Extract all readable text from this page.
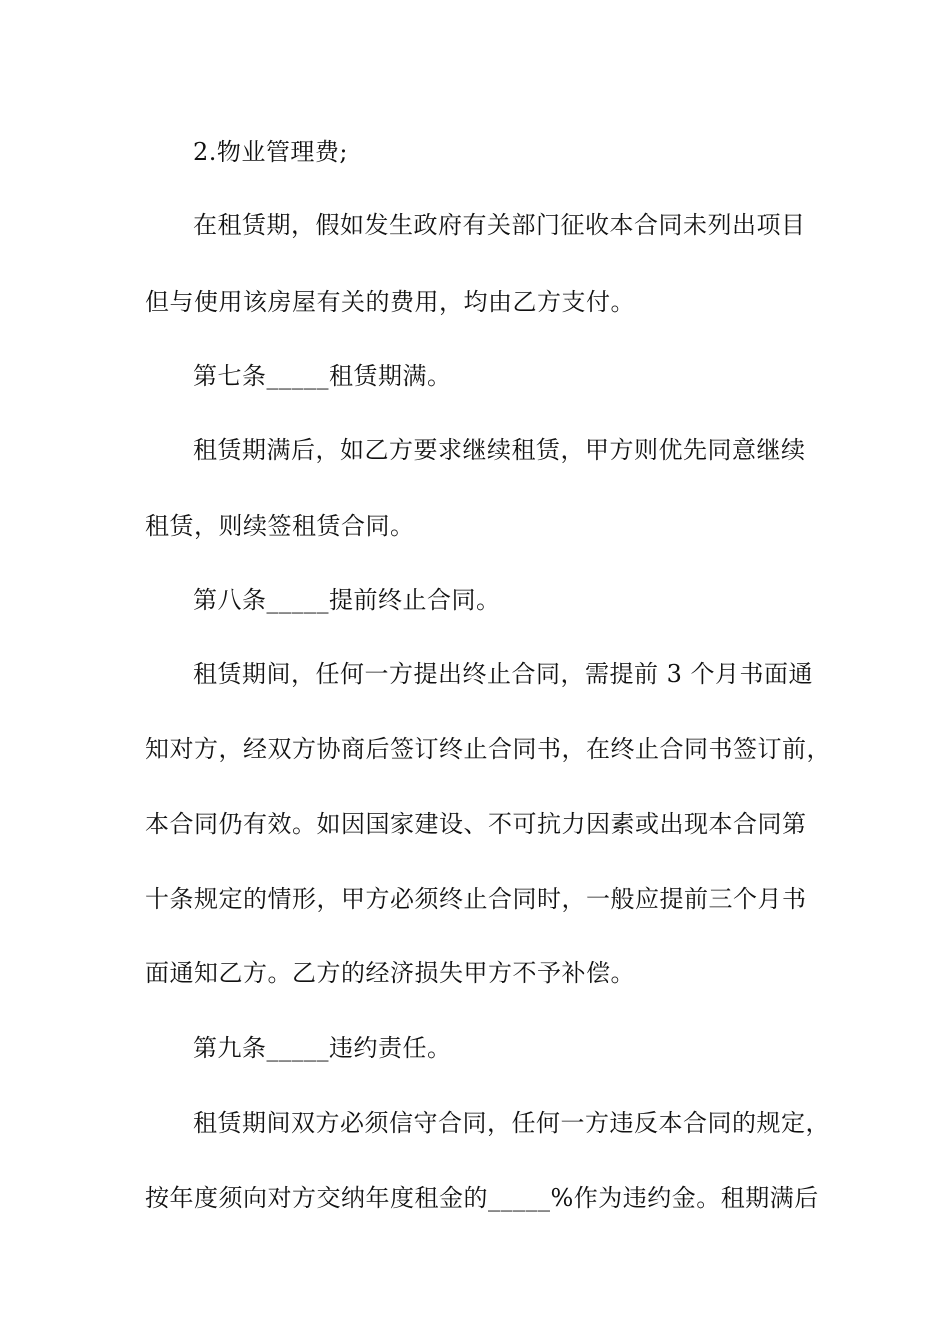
2.物业管理费;
在租赁期，假如发生政府有关部门征收本合同未列出项目
但与使用该房屋有关的费用，均由乙方支付。
第七条_____租赁期满。
租赁期满后，如乙方要求继续租赁，甲方则优先同意继续
租赁，则续签租赁合同。
第八条_____提前终止合同。
租赁期间，任何一方提出终止合同，需提前 3 个月书面通
知对方，经双方协商后签订终止合同书，在终止合同书签订前，
本合同仍有效。如因国家建设、不可抗力因素或出现本合同第
十条规定的情形，甲方必须终止合同时，一般应提前三个月书
面通知乙方。乙方的经济损失甲方不予补偿。
第九条_____违约责任。
租赁期间双方必须信守合同，任何一方违反本合同的规定，
按年度须向对方交纳年度租金的_____%作为违约金。租期满后
